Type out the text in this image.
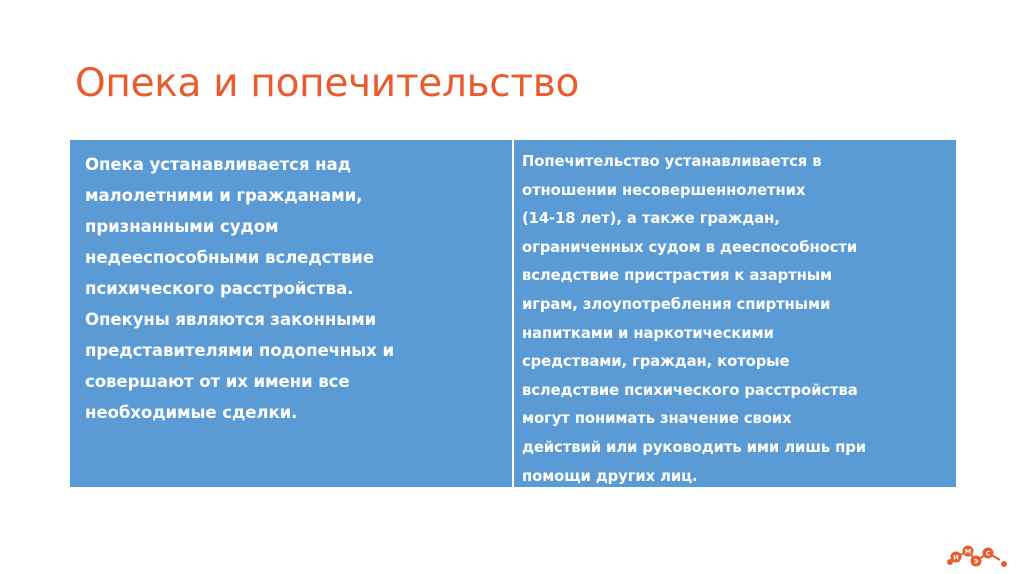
Опека и попечительство

Опека устанавливается над

малолетними и гражданами,

признанными судом

недееспособными вследствие

психического расстройства.

Опекуны являются законными

представителями подопечных и

совершают от их имени все

необходимые сделки.

Попечительство устанавливается в

отношении несовершеннолетних

(14-18 лет), а также граждан,

ограниченных судом в дееспособности

вследствие пристрастия к азартным

играм, злоупотребления спиртными

напитками и наркотическими

средствами, граждан, которые

вследствие психического расстройства

могут понимать значение своих

действий или руководить ими лишь при

помощи других лиц.

И
М
Э
С
